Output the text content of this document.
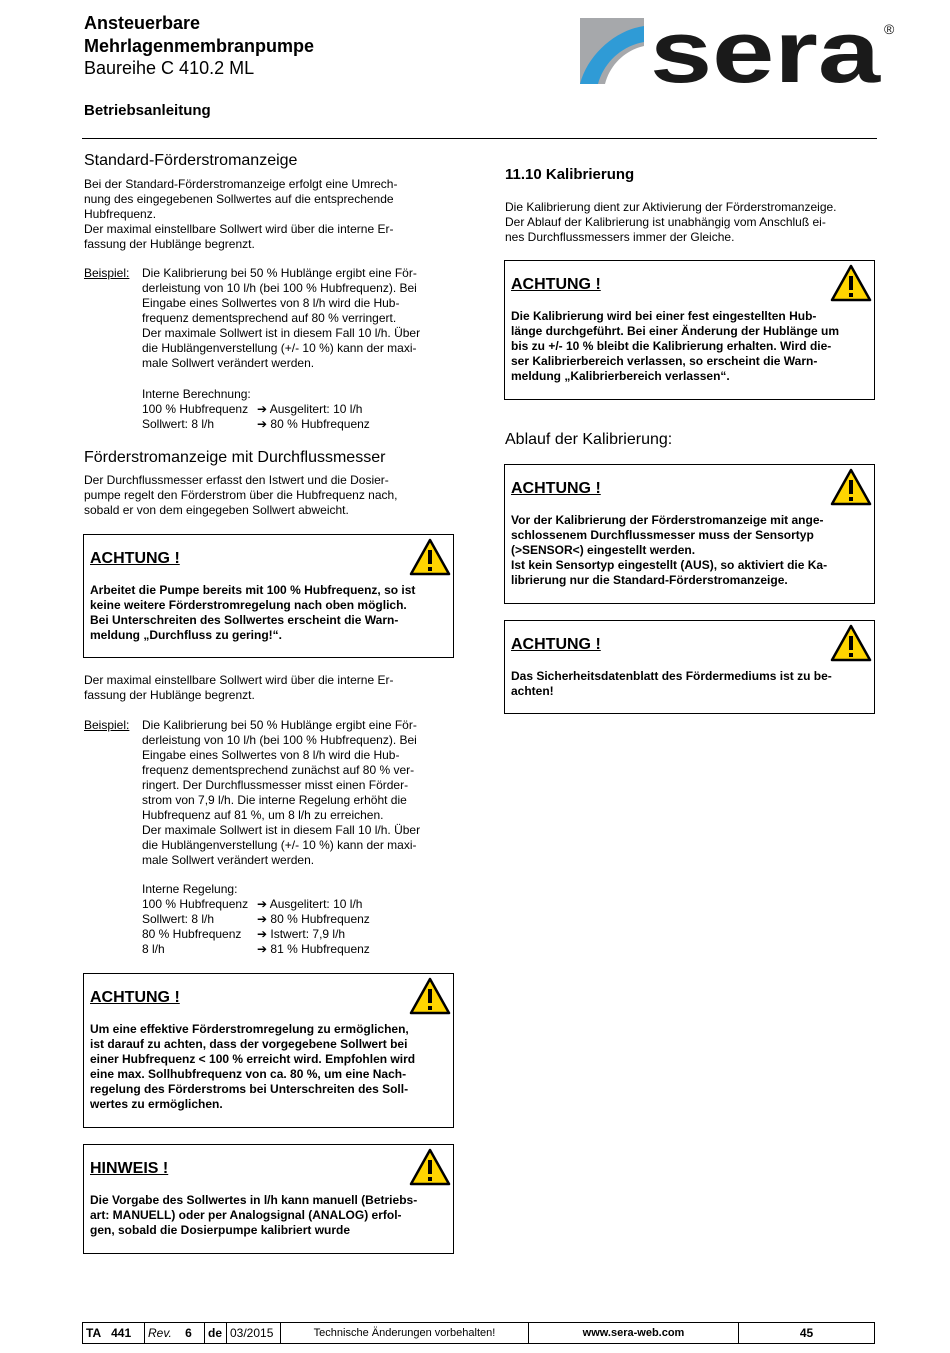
Ansteuerbare
Mehrlagenmembranpumpe
Baureihe C 410.2 ML
Betriebsanleitung
sera ®
Standard-Förderstromanzeige
Bei der Standard-Förderstromanzeige erfolgt eine Umrech-
nung des eingegebenen Sollwertes auf die entsprechende
Hubfrequenz.
Der maximal einstellbare Sollwert wird über die interne Er-
fassung der Hublänge begrenzt.
Beispiel: Die Kalibrierung bei 50 % Hublänge ergibt eine För-
derleistung von 10 l/h (bei 100 % Hubfrequenz). Bei
Eingabe eines Sollwertes von 8 l/h wird die Hub-
frequenz dementsprechend auf 80 % verringert.
Der maximale Sollwert ist in diesem Fall 10 l/h. Über
die Hublängenverstellung (+/- 10 %) kann der maxi-
male Sollwert verändert werden.
Interne Berechnung:
100 % Hubfrequenz ➔ Ausgelitert: 10 l/h
Sollwert: 8 l/h	➔ 80 % Hubfrequenz
Förderstromanzeige mit Durchflussmesser
Der Durchflussmesser erfasst den Istwert und die Dosier-
pumpe regelt den Förderstrom über die Hubfrequenz nach,
sobald er von dem eingegeben Sollwert abweicht.
ACHTUNG !
Arbeitet die Pumpe bereits mit 100 % Hubfrequenz, so ist
keine weitere Förderstromregelung nach oben möglich.
Bei Unterschreiten des Sollwertes erscheint die Warn-
meldung „Durchfluss zu gering!“.
Der maximal einstellbare Sollwert wird über die interne Er-
fassung der Hublänge begrenzt.
Beispiel: Die Kalibrierung bei 50 % Hublänge ergibt eine För-
derleistung von 10 l/h (bei 100 % Hubfrequenz). Bei
Eingabe eines Sollwertes von 8 l/h wird die Hub-
frequenz dementsprechend zunächst auf 80 % ver-
ringert. Der Durchflussmesser misst einen Förder-
strom von 7,9 l/h. Die interne Regelung erhöht die
Hubfrequenz auf 81 %, um 8 l/h zu erreichen.
Der maximale Sollwert ist in diesem Fall 10 l/h. Über
die Hublängenverstellung (+/- 10 %) kann der maxi-
male Sollwert verändert werden.
Interne Regelung:
100 % Hubfrequenz ➔ Ausgelitert: 10 l/h
Sollwert: 8 l/h	➔ 80 % Hubfrequenz
80 % Hubfrequenz ➔ Istwert: 7,9 l/h
8 l/h	➔ 81 % Hubfrequenz
ACHTUNG !
Um eine effektive Förderstromregelung zu ermöglichen,
ist darauf zu achten, dass der vorgegebene Sollwert bei
einer Hubfrequenz < 100 % erreicht wird. Empfohlen wird
eine max. Sollhubfrequenz von ca. 80 %, um eine Nach-
regelung des Förderstroms bei Unterschreiten des Soll-
wertes zu ermöglichen.
HINWEIS !
Die Vorgabe des Sollwertes in l/h kann manuell (Betriebs-
art: MANUELL) oder per Analogsignal (ANALOG) erfol-
gen, sobald die Dosierpumpe kalibriert wurde
11.10 Kalibrierung
Die Kalibrierung dient zur Aktivierung der Förderstromanzeige.
Der Ablauf der Kalibrierung ist unabhängig vom Anschluß ei-
nes Durchflussmessers immer der Gleiche.
ACHTUNG !
Die Kalibrierung wird bei einer fest eingestellten Hub-
länge durchgeführt. Bei einer Änderung der Hublänge um
bis zu +/- 10 % bleibt die Kalibrierung erhalten. Wird die-
ser Kalibrierbereich verlassen, so erscheint die Warn-
meldung „Kalibrierbereich verlassen“.
Ablauf der Kalibrierung:
ACHTUNG !
Vor der Kalibrierung der Förderstromanzeige mit ange-
schlossenem Durchflussmesser muss der Sensortyp
(>SENSOR<) eingestellt werden.
Ist kein Sensortyp eingestellt (AUS), so aktiviert die Ka-
librierung nur die Standard-Förderstromanzeige.
ACHTUNG !
Das Sicherheitsdatenblatt des Fördermediums ist zu be-
achten!
TA 441	Rev. 6	de 03/2015	Technische Änderungen vorbehalten!	www.sera-web.com	45
